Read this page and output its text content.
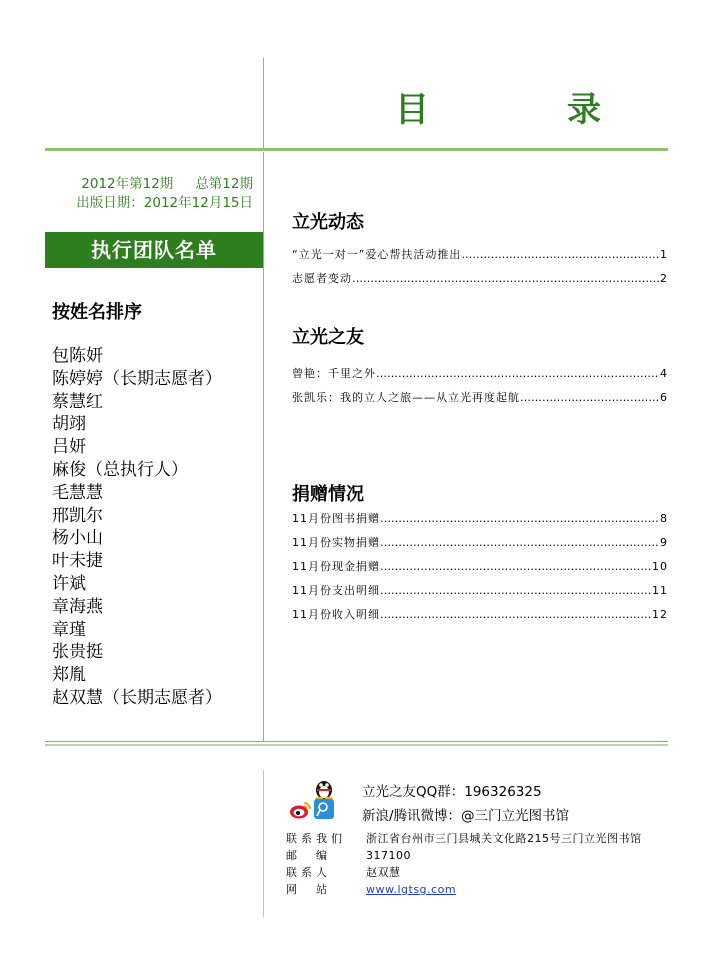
目　录
2012年第12期 总第12期
出版日期：2012年12月15日
执行团队名单
按姓名排序
包陈妍
陈婷婷（长期志愿者）
蔡慧红
胡翊
吕妍
麻俊（总执行人）
毛慧慧
邢凯尔
杨小山
叶未捷
许斌
章海燕
章瑾
张贵挺
郑胤
赵双慧（长期志愿者）
立光动态
“立光一对一”爱心帮扶活动推出 …………………………………………………………………………………………	1
志愿者变动 …………………………………………………………………………………………	2
立光之友
曾艳：千里之外 …………………………………………………………………………………………	4
张凯乐：我的立人之旅——从立光再度起航 …………………………………………………………………………………………	6
捐赠情况
11月份图书捐赠 …………………………………………………………………………………………	8
11月份实物捐赠 …………………………………………………………………………………………	9
11月份现金捐赠 …………………………………………………………………………………………	10
11月份支出明细 …………………………………………………………………………………………	11
11月份收入明细 …………………………………………………………………………………………	12
立光之友QQ群：196326325
新浪/腾讯微博：@三门立光图书馆
联系我们 浙江省台州市三门县城关文化路215号三门立光图书馆
邮　编	317100
联系人	赵双慧
网　站	www.lgtsg.com
